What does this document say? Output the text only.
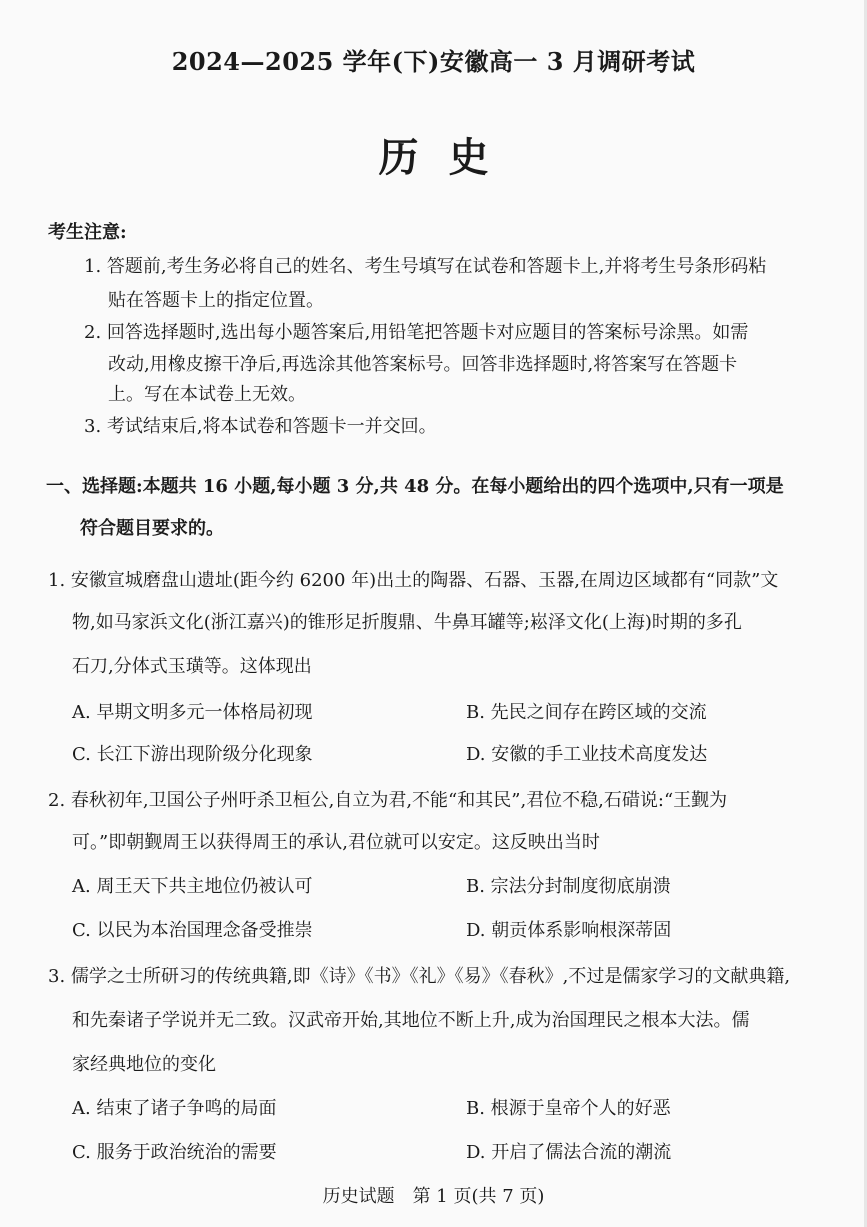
2024—2025 学年(下)安徽高一 3 月调研考试
历史
考生注意:
1. 答题前,考生务必将自己的姓名、考生号填写在试卷和答题卡上,并将考生号条形码粘
贴在答题卡上的指定位置。
2. 回答选择题时,选出每小题答案后,用铅笔把答题卡对应题目的答案标号涂黑。如需
改动,用橡皮擦干净后,再选涂其他答案标号。回答非选择题时,将答案写在答题卡
上。写在本试卷上无效。
3. 考试结束后,将本试卷和答题卡一并交回。
一、选择题:本题共 16 小题,每小题 3 分,共 48 分。在每小题给出的四个选项中,只有一项是
符合题目要求的。
1. 安徽宣城磨盘山遗址(距今约 6200 年)出土的陶器、石器、玉器,在周边区域都有“同款”文
物,如马家浜文化(浙江嘉兴)的锥形足折腹鼎、牛鼻耳罐等;崧泽文化(上海)时期的多孔
石刀,分体式玉璜等。这体现出
A. 早期文明多元一体格局初现	B. 先民之间存在跨区域的交流
C. 长江下游出现阶级分化现象	D. 安徽的手工业技术高度发达
2. 春秋初年,卫国公子州吁杀卫桓公,自立为君,不能“和其民”,君位不稳,石碏说:“王觐为
可。”即朝觐周王以获得周王的承认,君位就可以安定。这反映出当时
A. 周王天下共主地位仍被认可	B. 宗法分封制度彻底崩溃
C. 以民为本治国理念备受推崇	D. 朝贡体系影响根深蒂固
3. 儒学之士所研习的传统典籍,即《诗》《书》《礼》《易》《春秋》,不过是儒家学习的文献典籍,
和先秦诸子学说并无二致。汉武帝开始,其地位不断上升,成为治国理民之根本大法。儒
家经典地位的变化
A. 结束了诸子争鸣的局面	B. 根源于皇帝个人的好恶
C. 服务于政治统治的需要	D. 开启了儒法合流的潮流
历史试题　第 1 页(共 7 页)
